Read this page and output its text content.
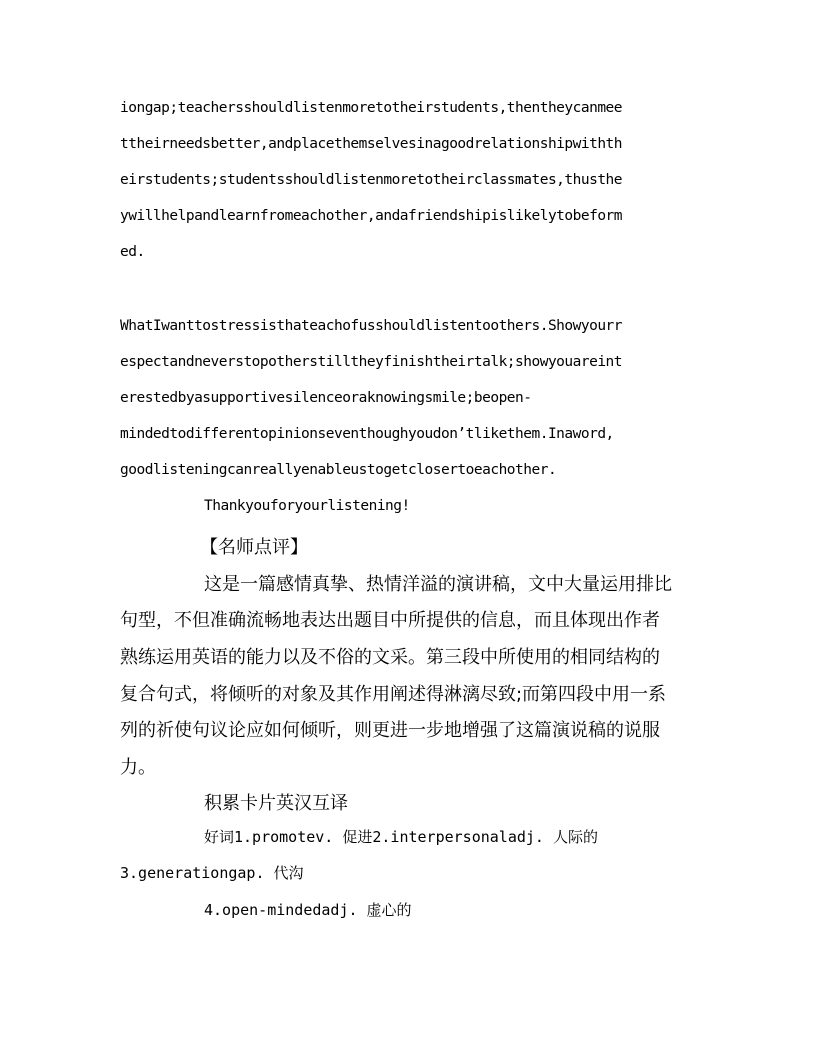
iongap;teachersshouldlistenmoretotheirstudents,thentheycanmee
ttheirneedsbetter,andplacethemselvesinagoodrelationshipwithth
eirstudents;studentsshouldlistenmoretotheirclassmates,thusthe
ywillhelpandlearnfromeachother,andafriendshipislikelytobeform
ed.
WhatIwanttostressisthateachofusshouldlistentoothers.Showyourr
espectandneverstopotherstilltheyfinishtheirtalk;showyouareint
erestedbyasupportivesilenceoraknowingsmile;beopen-
mindedtodifferentopinionseventhoughyoudon’tlikethem.Inaword,
goodlisteningcanreallyenableustogetclosertoeachother.
Thankyouforyourlistening!
【名师点评】
这是一篇感情真挚、热情洋溢的演讲稿，文中大量运用排比
句型，不但准确流畅地表达出题目中所提供的信息，而且体现出作者
熟练运用英语的能力以及不俗的文采。第三段中所使用的相同结构的
复合句式，将倾听的对象及其作用阐述得淋漓尽致;而第四段中用一系
列的祈使句议论应如何倾听，则更进一步地增强了这篇演说稿的说服
力。
积累卡片英汉互译
好词1.promotev. 促进2.interpersonaladj. 人际的
3.generationgap. 代沟
4.open-mindedadj. 虚心的
